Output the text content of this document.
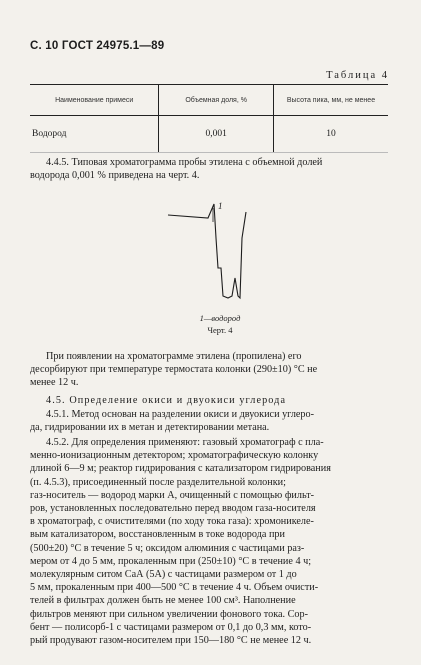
С. 10 ГОСТ 24975.1—89
Таблица 4
Наименование примеси	Объемная доля, %	Высота пика, мм, не менее
Водород	0,001	10
4.4.5. Типовая хроматограмма пробы этилена с объемной долей
водорода 0,001 % приведена на черт. 4.
1
1—водород
Черт. 4
При появлении на хроматограмме этилена (пропилена) его
десорбируют при температуре термостата колонки (290±10) °С не
менее 12 ч.
4.5. Определение окиси и двуокиси углерода
4.5.1. Метод основан на разделении окиси и двуокиси углеро-
да, гидрировании их в метан и детектировании метана.
4.5.2. Для определения применяют: газовый хроматограф с пла-
менно-ионизационным детектором; хроматографическую колонку
длиной 6—9 м; реактор гидрирования с катализатором гидрирования
(п. 4.5.3), присоединенный после разделительной колонки;
газ-носитель — водород марки А, очищенный с помощью фильт-
ров, установленных последовательно перед вводом газа-носителя
в хроматограф, с очистителями (по ходу тока газа): хромоникеле-
вым катализатором, восстановленным в токе водорода при
(500±20) °С в течение 5 ч; оксидом алюминия с частицами раз-
мером от 4 до 5 мм, прокаленным при (250±10) °С в течение 4 ч;
молекулярным ситом СаА (5А) с частицами размером от 1 до
5 мм, прокаленным при 400—500 °С в течение 4 ч. Объем очисти-
телей в фильтрах должен быть не менее 100 см³. Наполнение
фильтров меняют при сильном увеличении фонового тока. Сор-
бент — полисорб-1 с частицами размером от 0,1 до 0,3 мм, кото-
рый продувают газом-носителем при 150—180 °С не менее 12 ч.
